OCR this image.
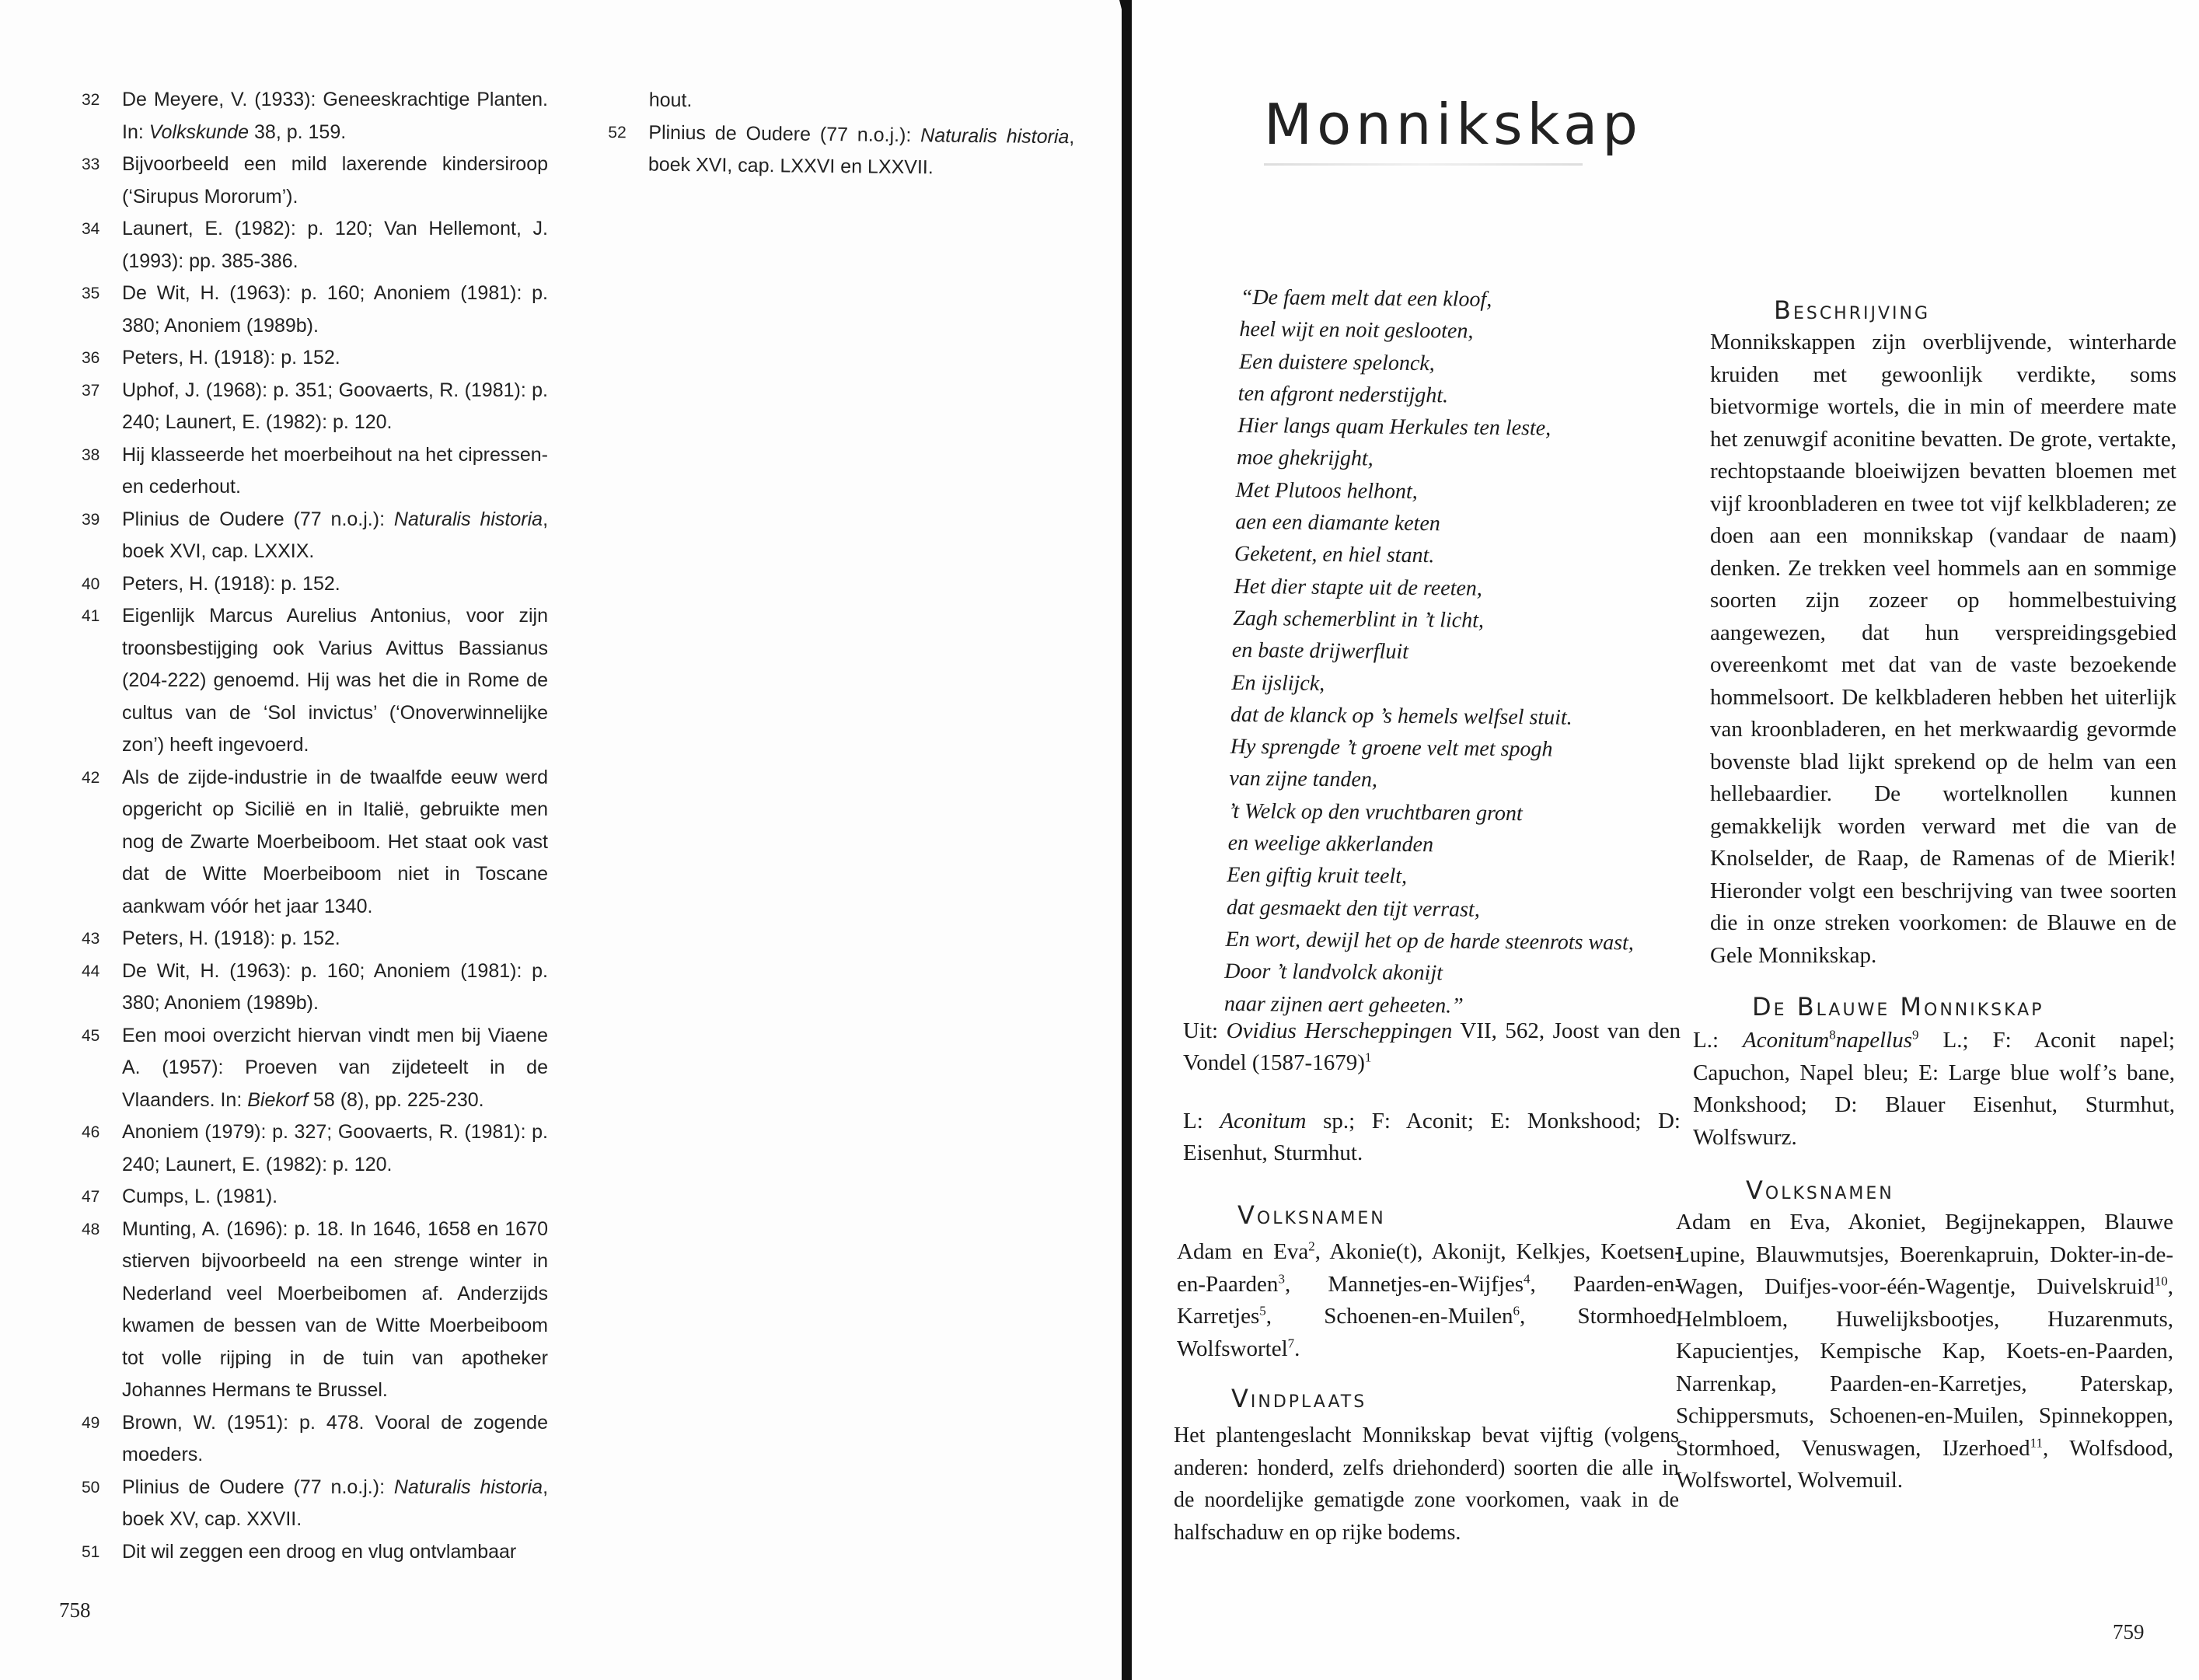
32	De Meyere, V. (1933): Geneeskrachtige Planten. In: Volkskunde 38, p. 159.
33	Bijvoorbeeld een mild laxerende kindersiroop (‘Sirupus Mororum’).
34	Launert, E. (1982): p. 120; Van Hellemont, J. (1993): pp. 385-386.
35	De Wit, H. (1963): p. 160; Anoniem (1981): p. 380; Anoniem (1989b).
36	Peters, H. (1918): p. 152.
37	Uphof, J. (1968): p. 351; Goovaerts, R. (1981): p. 240; Launert, E. (1982): p. 120.
38	Hij klasseerde het moerbeihout na het cipressen- en cederhout.
39	Plinius de Oudere (77 n.o.j.): Naturalis historia, boek XVI, cap. LXXIX.
40	Peters, H. (1918): p. 152.
41	Eigenlijk Marcus Aurelius Antonius, voor zijn troonsbestijging ook Varius Avittus Bassianus (204-222) genoemd. Hij was het die in Rome de cultus van de ‘Sol invictus’ (‘Onoverwinnelijke zon’) heeft ingevoerd.
42	Als de zijde-industrie in de twaalfde eeuw werd opgericht op Sicilië en in Italië, gebruikte men nog de Zwarte Moerbeiboom. Het staat ook vast dat de Witte Moerbeiboom niet in Toscane aankwam vóór het jaar 1340.
43	Peters, H. (1918): p. 152.
44	De Wit, H. (1963): p. 160; Anoniem (1981): p. 380; Anoniem (1989b).
45	Een mooi overzicht hiervan vindt men bij Viaene A. (1957): Proeven van zijdeteelt in de Vlaanders. In: Biekorf 58 (8), pp. 225-230.
46	Anoniem (1979): p. 327; Goovaerts, R. (1981): p. 240; Launert, E. (1982): p. 120.
47	Cumps, L. (1981).
48	Munting, A. (1696): p. 18. In 1646, 1658 en 1670 stierven bijvoorbeeld na een strenge winter in Nederland veel Moerbeibomen af. Anderzijds kwamen de bessen van de Witte Moerbeiboom tot volle rijping in de tuin van apotheker Johannes Hermans te Brussel.
49	Brown, W. (1951): p. 478. Vooral de zogende moeders.
50	Plinius de Oudere (77 n.o.j.): Naturalis historia, boek XV, cap. XXVII.
51	Dit wil zeggen een droog en vlug ontvlambaar
hout.
52	Plinius de Oudere (77 n.o.j.): Naturalis historia, boek XVI, cap. LXXVI en LXXVII.
758
Monnikskap
“De faem melt dat een kloof,
heel wijt en noit geslooten,
Een duistere spelonck,
ten afgront nederstijght.
Hier langs quam Herkules ten leste,
moe ghekrijght,
Met Plutoos helhont,
aen een diamante keten
Geketent, en hiel stant.
Het dier stapte uit de reeten,
Zagh schemerblint in ’t licht,
en baste drijwerfluit
En ijslijck,
dat de klanck op ’s hemels welfsel stuit.
Hy sprengde ’t groene velt met spogh
van zijne tanden,
’t Welck op den vruchtbaren gront
en weelige akkerlanden
Een giftig kruit teelt,
dat gesmaekt den tijt verrast,
En wort, dewijl het op de harde steenrots wast,
Door ’t landvolck akonijt
naar zijnen aert geheeten.”
Uit: Ovidius Herscheppingen VII, 562, Joost van den Vondel (1587-1679)$^1$
L: Aconitum sp.; F: Aconit; E: Monkshood; D: Eisenhut, Sturmhut.
Volksnamen
Adam en Eva$^2$, Akonie(t), Akonijt, Kelkjes, Koetsen-en-Paarden$^3$, Mannetjes-en-Wijfjes$^4$, Paarden-en-Karretjes$^5$, Schoenen-en-Muilen$^6$, Stormhoed, Wolfswortel$^7$.
Vindplaats
Het plantengeslacht Monnikskap bevat vijftig (volgens anderen: honderd, zelfs driehonderd) soorten die alle in de noordelijke gematigde zone voorkomen, vaak in de halfschaduw en op rijke bodems.
Beschrijving
Monnikskappen zijn overblijvende, winterharde kruiden met gewoonlijk verdikte, soms bietvormige wortels, die in min of meerdere mate het zenuwgif aconitine bevatten. De grote, vertakte, rechtopstaande bloeiwijzen bevatten bloemen met vijf kroonbladeren en twee tot vijf kelkbladeren; ze doen aan een monnikskap (vandaar de naam) denken. Ze trekken veel hommels aan en sommige soorten zijn zozeer op hommelbestuiving aangewezen, dat hun verspreidingsgebied overeenkomt met dat van de vaste bezoekende hommelsoort. De kelkbladeren hebben het uiterlijk van kroonbladeren, en het merkwaardig gevormde bovenste blad lijkt sprekend op de helm van een hellebaardier. De wortelknollen kunnen gemakkelijk worden verward met die van de Knolselder, de Raap, de Ramenas of de Mierik! Hieronder volgt een beschrijving van twee soorten die in onze streken voorkomen: de Blauwe en de Gele Monnikskap.
De Blauwe Monnikskap
L.: Aconitum$^8$napellus$^9$ L.; F: Aconit napel; Capuchon, Napel bleu; E: Large blue wolf’s bane, Monkshood; D: Blauer Eisenhut, Sturmhut, Wolfswurz.
Volksnamen
Adam en Eva, Akoniet, Begijnekappen, Blauwe Lupine, Blauwmutsjes, Boerenkapruin, Dokter-in-de-Wagen, Duifjes-voor-één-Wagentje, Duivelskruid$^{10}$, Helmbloem, Huwelijksbootjes, Huzarenmuts, Kapucientjes, Kempische Kap, Koets-en-Paarden, Narrenkap, Paarden-en-Karretjes, Paterskap, Schippersmuts, Schoenen-en-Muilen, Spinnekoppen, Stormhoed, Venuswagen, IJzerhoed$^{11}$, Wolfsdood, Wolfswortel, Wolvemuil.
759
